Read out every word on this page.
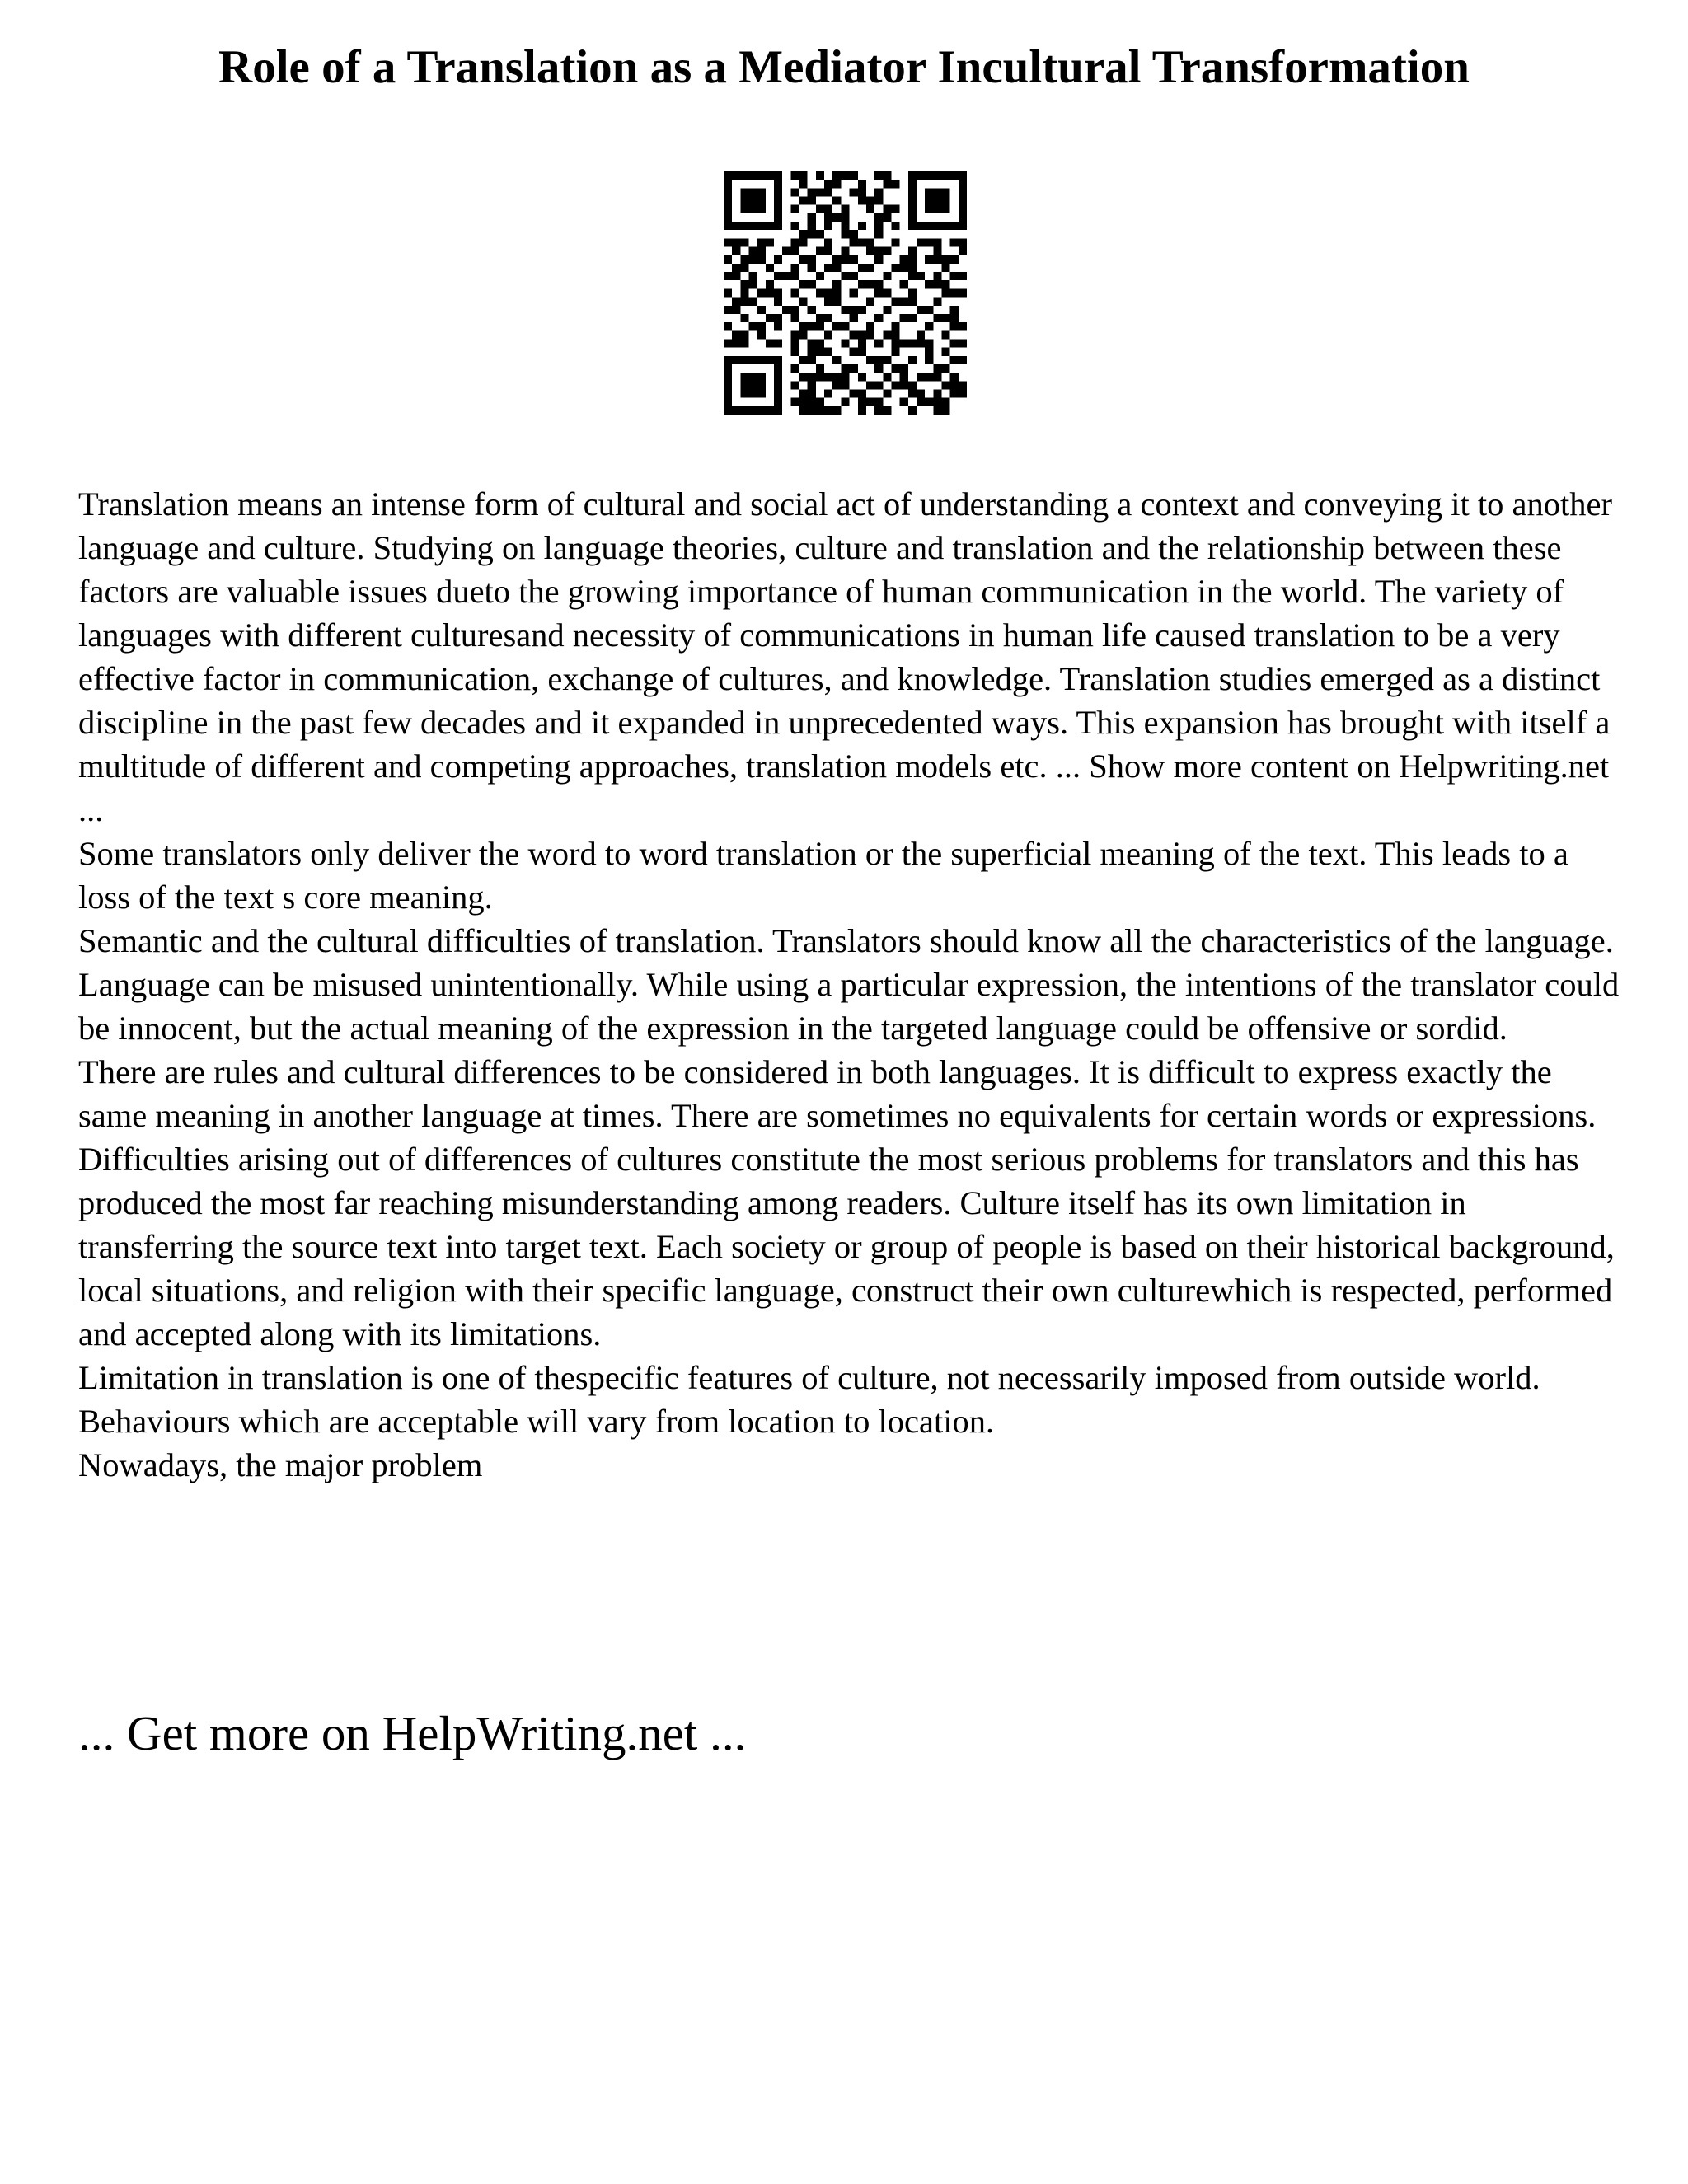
Role of a Translation as a Mediator Incultural Transformation

Translation means an intense form of cultural and social act of understanding a context and conveying it to another language and culture. Studying on language theories, culture and translation and the relationship between these factors are valuable issues dueto the growing importance of human communication in the world. The variety of languages with different culturesand necessity of communications in human life caused translation to be a very effective factor in communication, exchange of cultures, and knowledge. Translation studies emerged as a distinct discipline in the past few decades and it expanded in unprecedented ways. This expansion has brought with itself a multitude of different and competing approaches, translation models etc. ... Show more content on Helpwriting.net ...

Some translators only deliver the word to word translation or the superficial meaning of the text. This leads to a loss of the text s core meaning.

Semantic and the cultural difficulties of translation. Translators should know all the characteristics of the language.

Language can be misused unintentionally. While using a particular expression, the intentions of the translator could be innocent, but the actual meaning of the expression in the targeted language could be offensive or sordid.

There are rules and cultural differences to be considered in both languages. It is difficult to express exactly the same meaning in another language at times. There are sometimes no equivalents for certain words or expressions.

Difficulties arising out of differences of cultures constitute the most serious problems for translators and this has produced the most far reaching misunderstanding among readers. Culture itself has its own limitation in transferring the source text into target text. Each society or group of people is based on their historical background, local situations, and religion with their specific language, construct their own culturewhich is respected, performed and accepted along with its limitations.

Limitation in translation is one of thespecific features of culture, not necessarily imposed from outside world. Behaviours which are acceptable will vary from location to location.

Nowadays, the major problem

... Get more on HelpWriting.net ...
